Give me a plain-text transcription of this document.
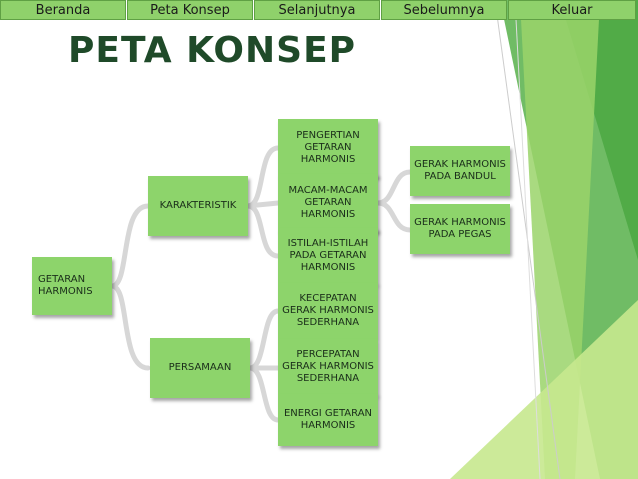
Beranda	Peta Konsep	Selanjutnya	Sebelumnya	Keluar
PETA KONSEP
GETARAN
HARMONIS
KARAKTERISTIK
PERSAMAAN
PENGERTIAN
GETARAN
HARMONIS
MACAM-MACAM
GETARAN
HARMONIS
ISTILAH-ISTILAH
PADA GETARAN
HARMONIS
KECEPATAN
GERAK HARMONIS
SEDERHANA
PERCEPATAN
GERAK HARMONIS
SEDERHANA
ENERGI GETARAN
HARMONIS
GERAK HARMONIS
PADA BANDUL
GERAK HARMONIS
PADA PEGAS
